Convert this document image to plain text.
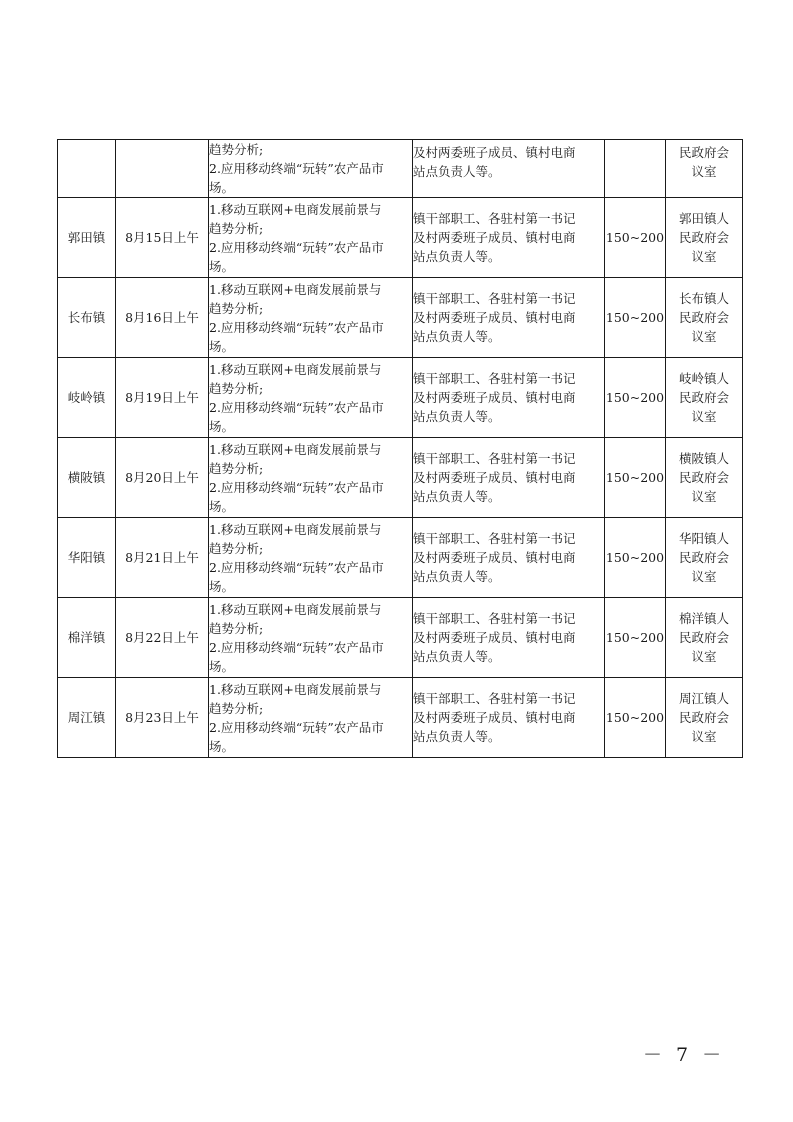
		趋势分析;
2.应用移动终端“玩转”农产品市
场。	及村两委班子成员、镇村电商
站点负责人等。		民政府会
议室

郭田镇	8月15日上午	1.移动互联网+电商发展前景与
趋势分析;
2.应用移动终端“玩转”农产品市
场。	镇干部职工、各驻村第一书记
及村两委班子成员、镇村电商
站点负责人等。	150~200	郭田镇人
民政府会
议室

长布镇	8月16日上午	1.移动互联网+电商发展前景与
趋势分析;
2.应用移动终端“玩转”农产品市
场。	镇干部职工、各驻村第一书记
及村两委班子成员、镇村电商
站点负责人等。	150~200	长布镇人
民政府会
议室

岐岭镇	8月19日上午	1.移动互联网+电商发展前景与
趋势分析;
2.应用移动终端“玩转”农产品市
场。	镇干部职工、各驻村第一书记
及村两委班子成员、镇村电商
站点负责人等。	150~200	岐岭镇人
民政府会
议室

横陂镇	8月20日上午	1.移动互联网+电商发展前景与
趋势分析;
2.应用移动终端“玩转”农产品市
场。	镇干部职工、各驻村第一书记
及村两委班子成员、镇村电商
站点负责人等。	150~200	横陂镇人
民政府会
议室

华阳镇	8月21日上午	1.移动互联网+电商发展前景与
趋势分析;
2.应用移动终端“玩转”农产品市
场。	镇干部职工、各驻村第一书记
及村两委班子成员、镇村电商
站点负责人等。	150~200	华阳镇人
民政府会
议室

棉洋镇	8月22日上午	1.移动互联网+电商发展前景与
趋势分析;
2.应用移动终端“玩转”农产品市
场。	镇干部职工、各驻村第一书记
及村两委班子成员、镇村电商
站点负责人等。	150~200	棉洋镇人
民政府会
议室

周江镇	8月23日上午	1.移动互联网+电商发展前景与
趋势分析;
2.应用移动终端“玩转”农产品市
场。	镇干部职工、各驻村第一书记
及村两委班子成员、镇村电商
站点负责人等。	150~200	周江镇人
民政府会
议室
－ 7 －
